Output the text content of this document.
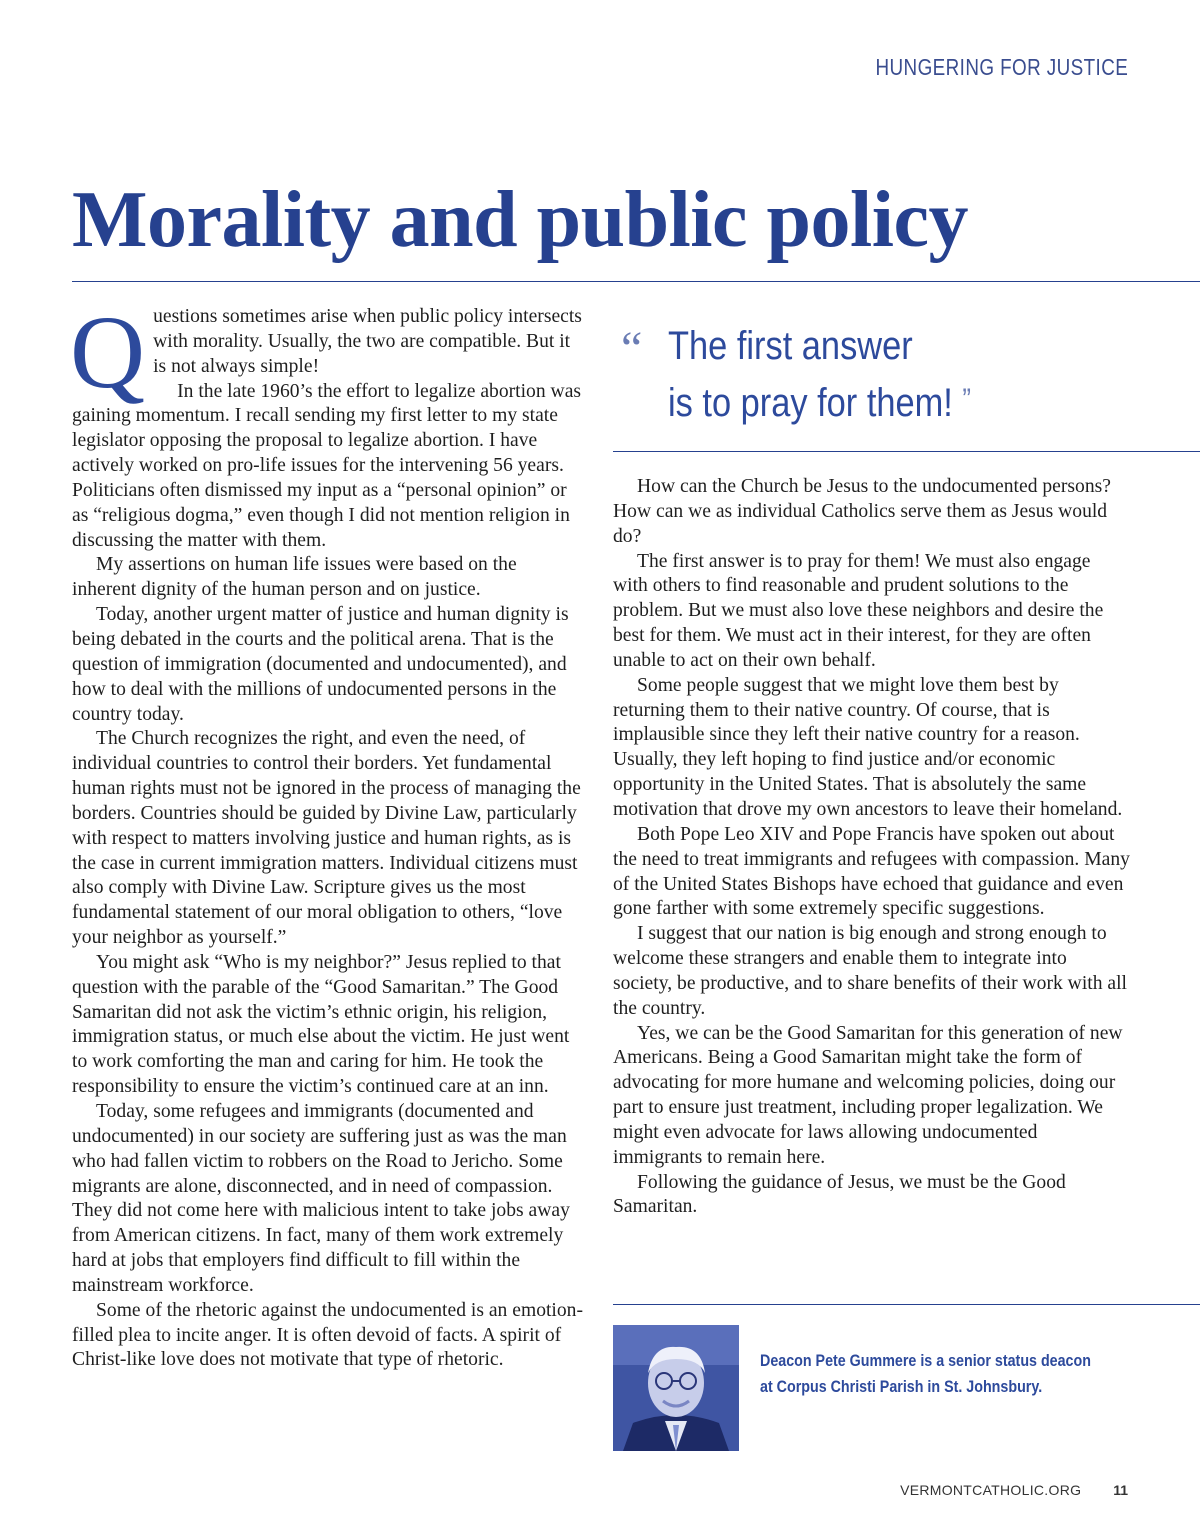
HUNGERING FOR JUSTICE
Morality and public policy
Q uestions sometimes arise when public policy intersects with morality. Usually, the two are compatible. But it is not always simple!

In the late 1960’s the effort to legalize abortion was gaining momentum. I recall sending my first letter to my state legislator opposing the proposal to legalize abortion. I have actively worked on pro-life issues for the intervening 56 years. Politicians often dismissed my input as a “personal opinion” or as “religious dogma,” even though I did not mention religion in discussing the matter with them.

My assertions on human life issues were based on the inherent dignity of the human person and on justice.

Today, another urgent matter of justice and human dignity is being debated in the courts and the political arena. That is the question of immigration (documented and undocumented), and how to deal with the millions of undocumented persons in the country today.

The Church recognizes the right, and even the need, of individual countries to control their borders. Yet fundamental human rights must not be ignored in the process of managing the borders. Countries should be guided by Divine Law, particularly with respect to matters involving justice and human rights, as is the case in current immigration matters. Individual citizens must also comply with Divine Law. Scripture gives us the most fundamental statement of our moral obligation to others, “love your neighbor as yourself.”

You might ask “Who is my neighbor?” Jesus replied to that question with the parable of the “Good Samaritan.” The Good Samaritan did not ask the victim’s ethnic origin, his religion, immigration status, or much else about the victim. He just went to work comforting the man and caring for him. He took the responsibility to ensure the victim’s continued care at an inn.

Today, some refugees and immigrants (documented and undocumented) in our society are suffering just as was the man who had fallen victim to robbers on the Road to Jericho. Some migrants are alone, disconnected, and in need of compassion. They did not come here with malicious intent to take jobs away from American citizens. In fact, many of them work extremely hard at jobs that employers find difficult to fill within the mainstream workforce.

Some of the rhetoric against the undocumented is an emotion-filled plea to incite anger. It is often devoid of facts. A spirit of Christ-like love does not motivate that type of rhetoric.

“ The first answer
is to pray for them! ”

How can the Church be Jesus to the undocumented persons? How can we as individual Catholics serve them as Jesus would do?

The first answer is to pray for them! We must also engage with others to find reasonable and prudent solutions to the problem. But we must also love these neighbors and desire the best for them. We must act in their interest, for they are often unable to act on their own behalf.

Some people suggest that we might love them best by returning them to their native country. Of course, that is implausible since they left their native country for a reason. Usually, they left hoping to find justice and/or economic opportunity in the United States. That is absolutely the same motivation that drove my own ancestors to leave their homeland.

Both Pope Leo XIV and Pope Francis have spoken out about the need to treat immigrants and refugees with compassion. Many of the United States Bishops have echoed that guidance and even gone farther with some extremely specific suggestions.

I suggest that our nation is big enough and strong enough to welcome these strangers and enable them to integrate into society, be productive, and to share benefits of their work with all the country.

Yes, we can be the Good Samaritan for this generation of new Americans. Being a Good Samaritan might take the form of advocating for more humane and welcoming policies, doing our part to ensure just treatment, including proper legalization. We might even advocate for laws allowing undocumented immigrants to remain here.

Following the guidance of Jesus, we must be the Good Samaritan.

Deacon Pete Gummere is a senior status deacon
at Corpus Christi Parish in St. Johnsbury.
VERMONTCATHOLIC.ORG 11
